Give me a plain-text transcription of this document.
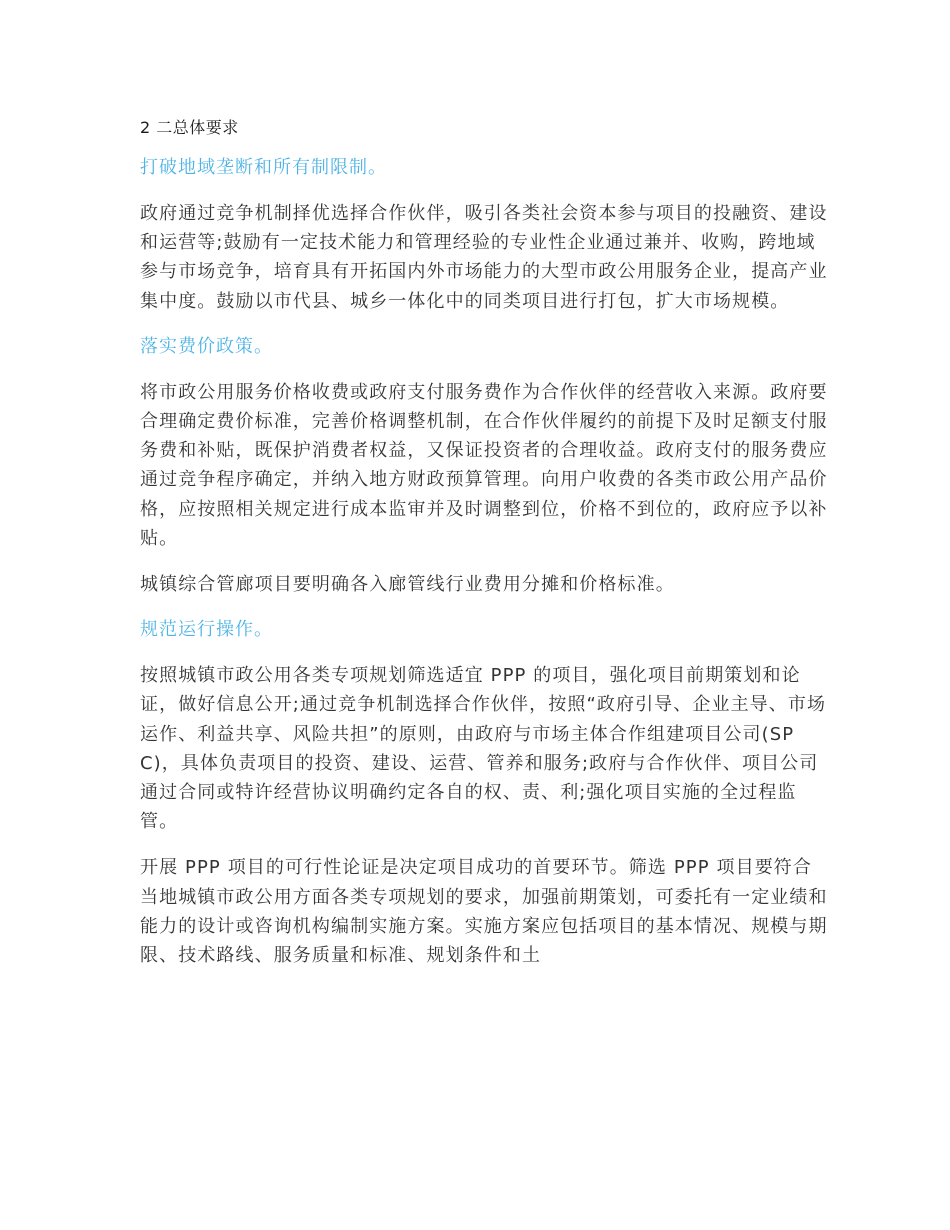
2 二总体要求
打破地域垄断和所有制限制。
政府通过竞争机制择优选择合作伙伴，吸引各类社会资本参与项目的投融资、建设和运营等;鼓励有一定技术能力和管理经验的专业性企业通过兼并、收购，跨地域参与市场竞争，培育具有开拓国内外市场能力的大型市政公用服务企业，提高产业集中度。鼓励以市代县、城乡一体化中的同类项目进行打包，扩大市场规模。
落实费价政策。
将市政公用服务价格收费或政府支付服务费作为合作伙伴的经营收入来源。政府要合理确定费价标准，完善价格调整机制，在合作伙伴履约的前提下及时足额支付服务费和补贴，既保护消费者权益，又保证投资者的合理收益。政府支付的服务费应通过竞争程序确定，并纳入地方财政预算管理。向用户收费的各类市政公用产品价格，应按照相关规定进行成本监审并及时调整到位，价格不到位的，政府应予以补贴。
城镇综合管廊项目要明确各入廊管线行业费用分摊和价格标准。
规范运行操作。
按照城镇市政公用各类专项规划筛选适宜 PPP 的项目，强化项目前期策划和论证，做好信息公开;通过竞争机制选择合作伙伴，按照“政府引导、企业主导、市场运作、利益共享、风险共担”的原则，由政府与市场主体合作组建项目公司(SPC)，具体负责项目的投资、建设、运营、管养和服务;政府与合作伙伴、项目公司通过合同或特许经营协议明确约定各自的权、责、利;强化项目实施的全过程监管。
开展 PPP 项目的可行性论证是决定项目成功的首要环节。筛选 PPP 项目要符合当地城镇市政公用方面各类专项规划的要求，加强前期策划，可委托有一定业绩和能力的设计或咨询机构编制实施方案。实施方案应包括项目的基本情况、规模与期限、技术路线、服务质量和标准、规划条件和土
